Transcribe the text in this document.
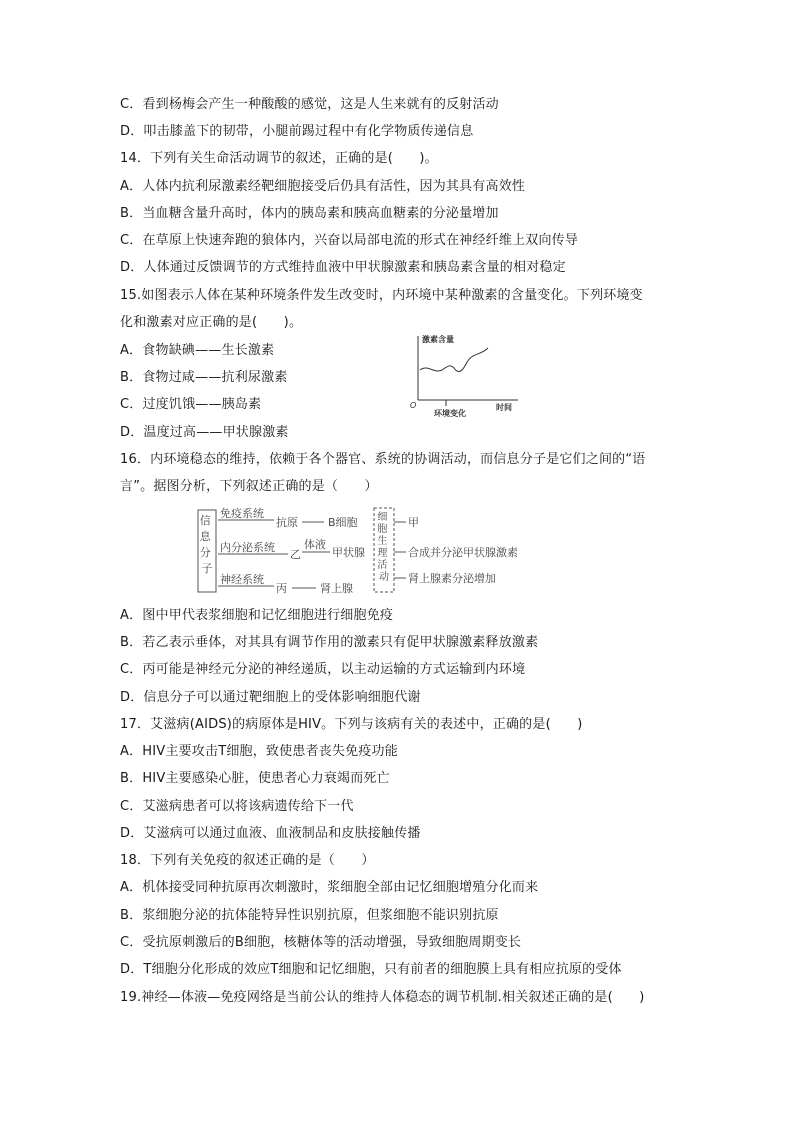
C．看到杨梅会产生一种酸酸的感觉，这是人生来就有的反射活动
D．叩击膝盖下的韧带，小腿前踢过程中有化学物质传递信息
14．下列有关生命活动调节的叙述，正确的是(　　)。
A．人体内抗利尿激素经靶细胞接受后仍具有活性，因为其具有高效性
B．当血糖含量升高时，体内的胰岛素和胰高血糖素的分泌量增加
C．在草原上快速奔跑的狼体内，兴奋以局部电流的形式在神经纤维上双向传导
D．人体通过反馈调节的方式维持血液中甲状腺激素和胰岛素含量的相对稳定
15.如图表示人体在某种环境条件发生改变时，内环境中某种激素的含量变化。下列环境变
化和激素对应正确的是(　　)。
A．食物缺碘——生长激素
B．食物过咸——抗利尿激素
C．过度饥饿——胰岛素
D．温度过高——甲状腺激素
16．内环境稳态的维持，依赖于各个器官、系统的协调活动，而信息分子是它们之间的“语
言”。据图分析，下列叙述正确的是（　　）
A．图中甲代表浆细胞和记忆细胞进行细胞免疫
B．若乙表示垂体，对其具有调节作用的激素只有促甲状腺激素释放激素
C．丙可能是神经元分泌的神经递质，以主动运输的方式运输到内环境
D．信息分子可以通过靶细胞上的受体影响细胞代谢
17．艾滋病(AIDS)的病原体是HIV。下列与该病有关的表述中，正确的是(　　)
A．HIV主要攻击T细胞，致使患者丧失免疫功能
B．HIV主要感染心脏，使患者心力衰竭而死亡
C．艾滋病患者可以将该病遗传给下一代
D．艾滋病可以通过血液、血液制品和皮肤接触传播
18．下列有关免疫的叙述正确的是（　　）
A．机体接受同种抗原再次刺激时，浆细胞全部由记忆细胞增殖分化而来
B．浆细胞分泌的抗体能特异性识别抗原，但浆细胞不能识别抗原
C．受抗原刺激后的B细胞，核糖体等的活动增强，导致细胞周期变长
D．T细胞分化形成的效应T细胞和记忆细胞，只有前者的细胞膜上具有相应抗原的受体
19.神经—体液—免疫网络是当前公认的维持人体稳态的调节机制.相关叙述正确的是(　　)
激素含量
O	时间
环境变化
信 息 分 子
免疫系统
抗原	B细胞
内分泌系统
乙
体液
甲状腺
神经系统
丙	肾上腺
细 胞 生 理 活 动
甲
合成并分泌甲状腺激素
肾上腺素分泌增加
